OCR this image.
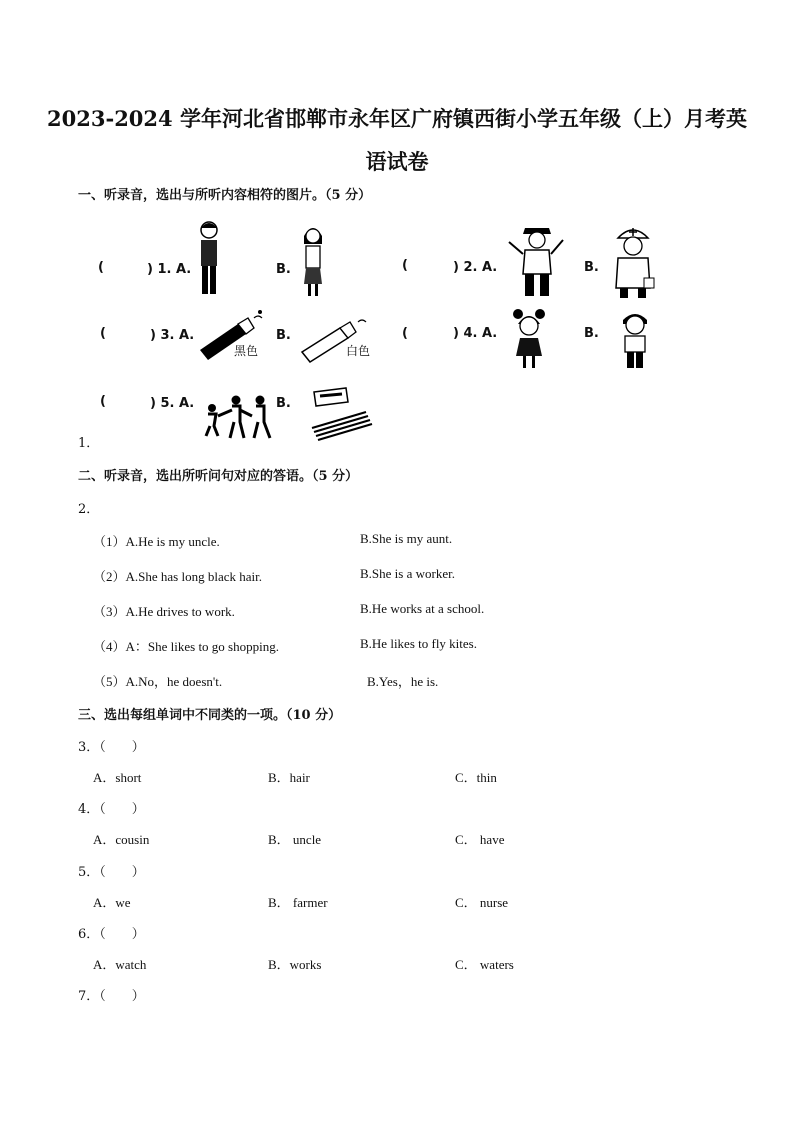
2023-2024 学年河北省邯郸市永年区广府镇西街小学五年级（上）月考英
语试卷
一、听录音，选出与所听内容相符的图片。（5 分）
(	) 1. A.	B.	(	) 2. A.	B.
(	) 3. A.
黑色
B.
白色
(	) 4. A.	B.
(	) 5. A.	B.
1．
二、听录音，选出所听问句对应的答语。（5 分）
2．
（1）A.He is my uncle.	B.She is my aunt.
（2）A.She has long black hair.	B.She is a worker.
（3）A.He drives to work.	B.He works at a school.
（4）A：She likes to go shopping.	B.He likes to fly kites.
（5）A.No，he doesn't.	B.Yes，he is.
三、选出每组单词中不同类的一项。（10 分）
3．（　　）
A．short	B．hair	C．thin
4．（　　）
A．cousin	B． uncle	C． have
5．（　　）
A．we	B． farmer	C． nurse
6．（　　）
A．watch	B．works	C． waters
7．（　　）
